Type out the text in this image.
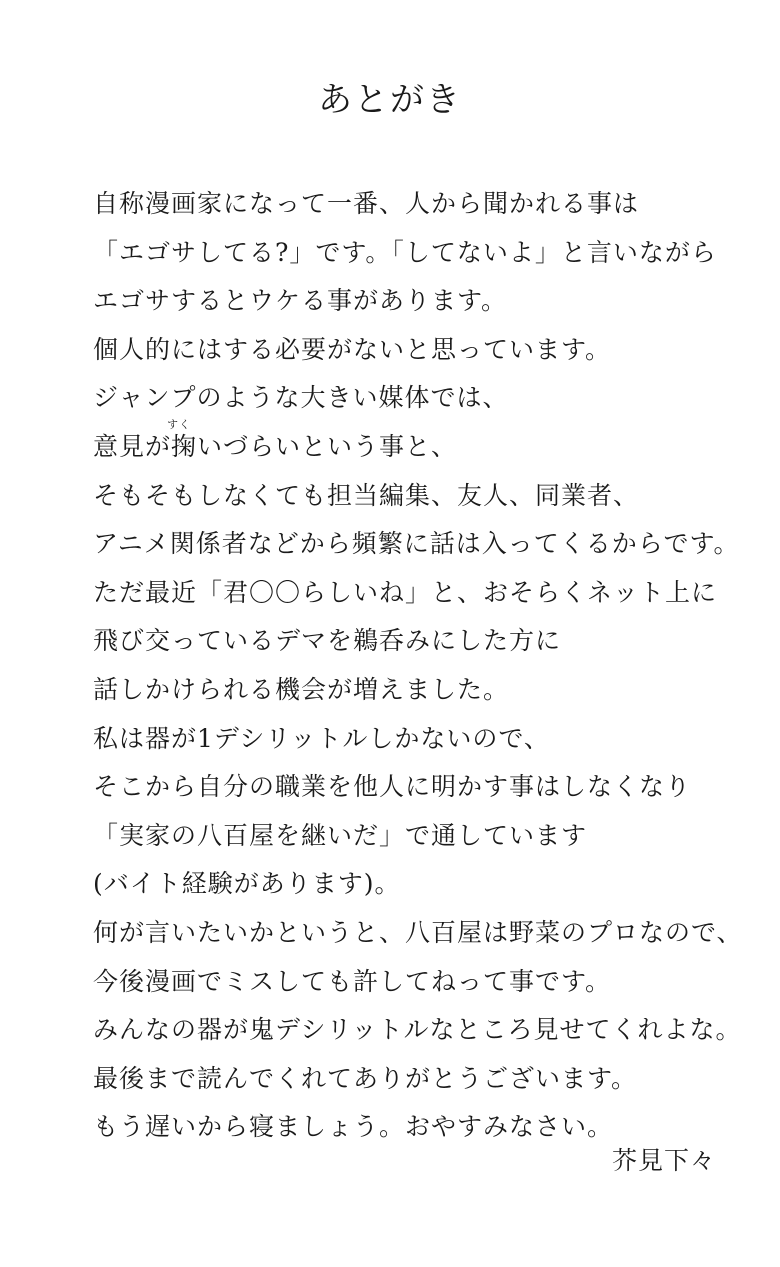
あとがき
自称漫画家になって一番、人から聞かれる事は
「エゴサしてる?」です。「してないよ」と言いながら
エゴサするとウケる事があります。
個人的にはする必要がないと思っています。
ジャンプのような大きい媒体では、
すく
意見が掬いづらいという事と、
そもそもしなくても担当編集、友人、同業者、
アニメ関係者などから頻繁に話は入ってくるからです。
ただ最近「君〇〇らしいね」と、おそらくネット上に
飛び交っているデマを鵜呑みにした方に
話しかけられる機会が増えました。
私は器が1デシリットルしかないので、
そこから自分の職業を他人に明かす事はしなくなり
「実家の八百屋を継いだ」で通しています
(バイト経験があります)。
何が言いたいかというと、八百屋は野菜のプロなので、
今後漫画でミスしても許してねって事です。
みんなの器が鬼デシリットルなところ見せてくれよな。
最後まで読んでくれてありがとうございます。
もう遅いから寝ましょう。おやすみなさい。
芥見下々
